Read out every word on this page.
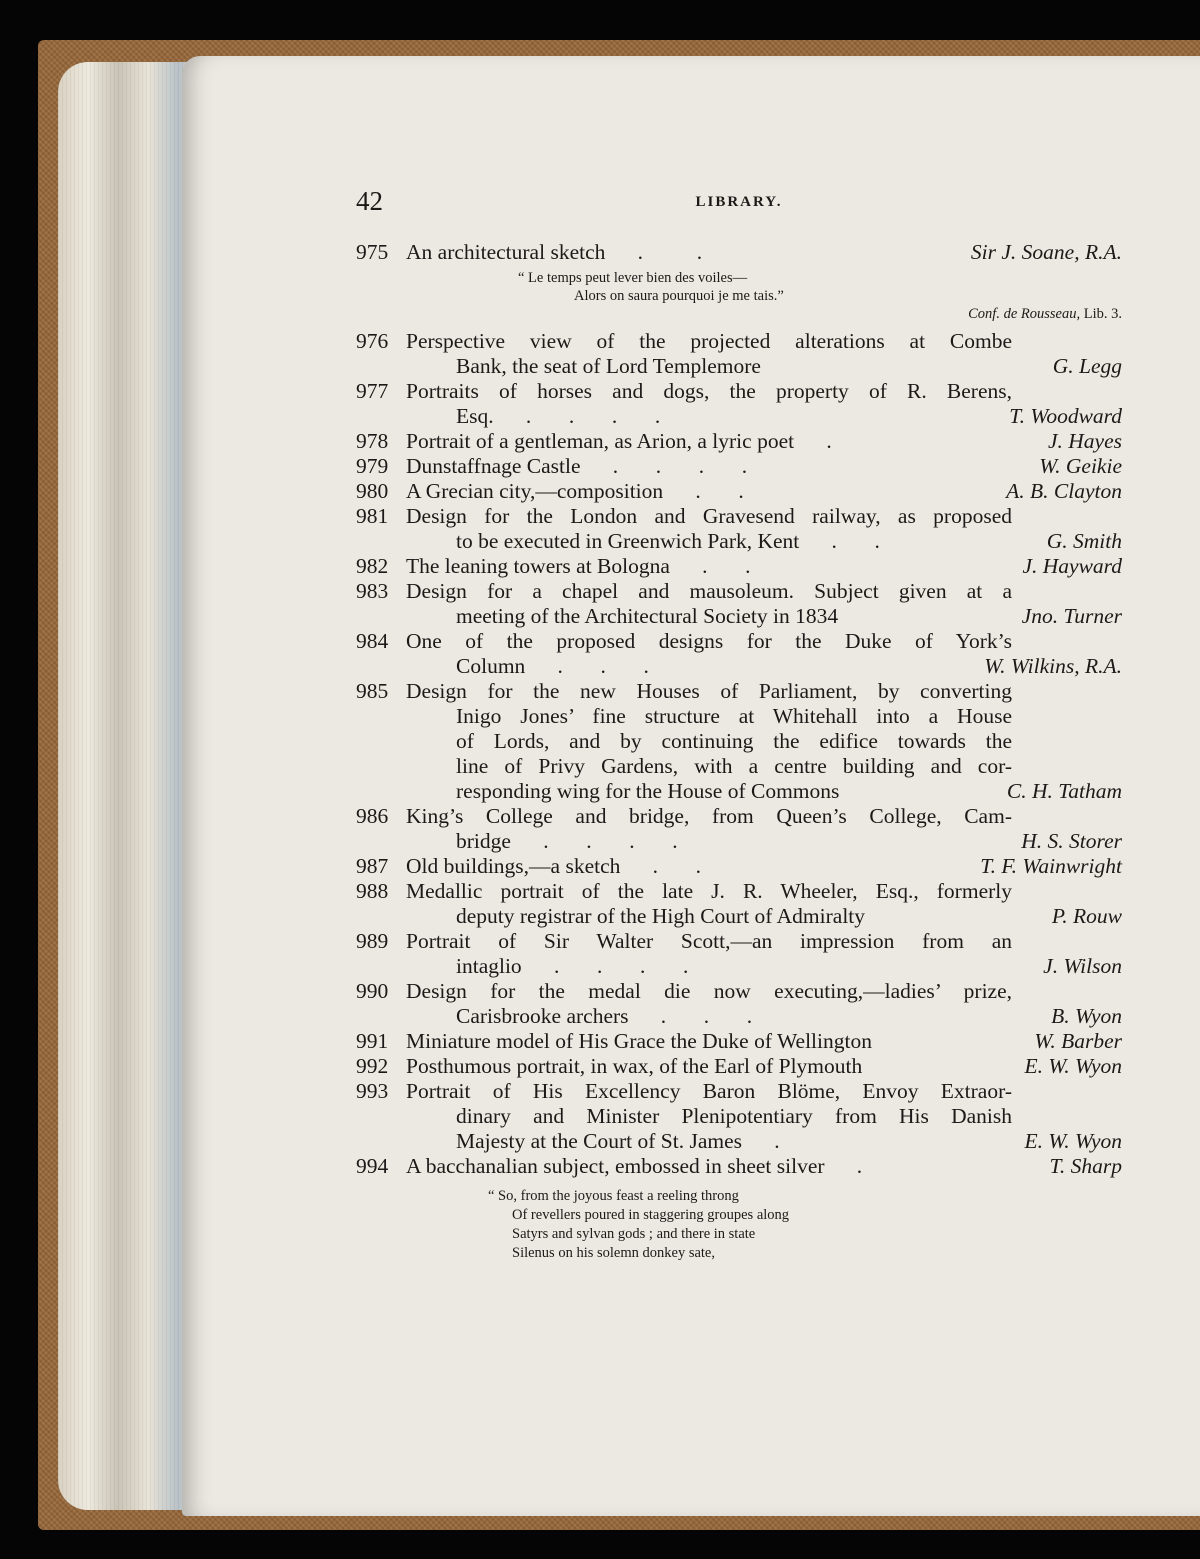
42	LIBRARY.
975 An architectural sketch .          .	Sir J. Soane, R.A.
“ Le temps peut lever bien des voiles—
Alors on saura pourquoi je me tais.”
Conf. de Rousseau, Lib. 3.
976 Perspective view of the projected alterations at Combe
Bank, the seat of Lord Templemore	G. Legg
977 Portraits of horses and dogs, the property of R. Berens,
Esq. .       .       .       .	T. Woodward
978 Portrait of a gentleman, as Arion, a lyric poet .	J. Hayes
979 Dunstaffnage Castle .       .       .       .	W. Geikie
980 A Grecian city,—composition .       .	A. B. Clayton
981 Design for the London and Gravesend railway, as proposed
to be executed in Greenwich Park, Kent .       .	G. Smith
982 The leaning towers at Bologna .       .	J. Hayward
983 Design for a chapel and mausoleum. Subject given at a
meeting of the Architectural Society in 1834	Jno. Turner
984 One of the proposed designs for the Duke of York’s
Column .       .       .	W. Wilkins, R.A.
985 Design for the new Houses of Parliament, by converting
Inigo Jones’ fine structure at Whitehall into a House
of Lords, and by continuing the edifice towards the
line of Privy Gardens, with a centre building and cor-
responding wing for the House of Commons	C. H. Tatham
986 King’s College and bridge, from Queen’s College, Cam-
bridge .       .       .       .	H. S. Storer
987 Old buildings,—a sketch .       .	T. F. Wainwright
988 Medallic portrait of the late J. R. Wheeler, Esq., formerly
deputy registrar of the High Court of Admiralty	P. Rouw
989 Portrait of Sir Walter Scott,—an impression from an
intaglio .       .       .       .	J. Wilson
990 Design for the medal die now executing,—ladies’ prize,
Carisbrooke archers .       .       .	B. Wyon
991 Miniature model of His Grace the Duke of Wellington	W. Barber
992 Posthumous portrait, in wax, of the Earl of Plymouth	E. W. Wyon
993 Portrait of His Excellency Baron Blöme, Envoy Extraor-
dinary and Minister Plenipotentiary from His Danish
Majesty at the Court of St. James .	E. W. Wyon
994 A bacchanalian subject, embossed in sheet silver .	T. Sharp
“ So, from the joyous feast a reeling throng
Of revellers poured in staggering groupes along
Satyrs and sylvan gods ; and there in state
Silenus on his solemn donkey sate,
